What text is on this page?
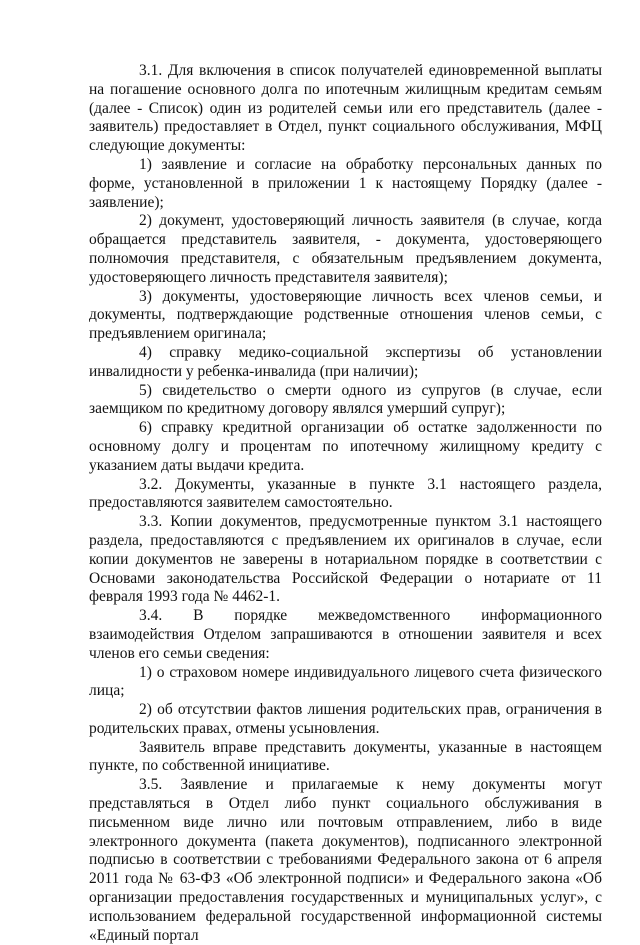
3.1. Для включения в список получателей единовременной выплаты на погашение основного долга по ипотечным жилищным кредитам семьям (далее - Список) один из родителей семьи или его представитель (далее - заявитель) предоставляет в Отдел, пункт социального обслуживания, МФЦ следующие документы:

1) заявление и согласие на обработку персональных данных по форме, установленной в приложении 1 к настоящему Порядку (далее - заявление);

2) документ, удостоверяющий личность заявителя (в случае, когда обращается представитель заявителя, - документа, удостоверяющего полномочия представителя, с обязательным предъявлением документа, удостоверяющего личность представителя заявителя);

3) документы, удостоверяющие личность всех членов семьи, и документы, подтверждающие родственные отношения членов семьи, с предъявлением оригинала;

4) справку медико-социальной экспертизы об установлении инвалидности у ребенка-инвалида (при наличии);

5) свидетельство о смерти одного из супругов (в случае, если заемщиком по кредитному договору являлся умерший супруг);

6) справку кредитной организации об остатке задолженности по основному долгу и процентам по ипотечному жилищному кредиту с указанием даты выдачи кредита.

3.2. Документы, указанные в пункте 3.1 настоящего раздела, предоставляются заявителем самостоятельно.

3.3. Копии документов, предусмотренные пунктом 3.1 настоящего раздела, предоставляются с предъявлением их оригиналов в случае, если копии документов не заверены в нотариальном порядке в соответствии с Основами законодательства Российской Федерации о нотариате от 11 февраля 1993 года № 4462-1.

3.4. В порядке межведомственного информационного взаимодействия Отделом запрашиваются в отношении заявителя и всех членов его семьи сведения:

1) о страховом номере индивидуального лицевого счета физического лица;

2) об отсутствии фактов лишения родительских прав, ограничения в родительских правах, отмены усыновления.

Заявитель вправе представить документы, указанные в настоящем пункте, по собственной инициативе.

3.5. Заявление и прилагаемые к нему документы могут представляться в Отдел либо пункт социального обслуживания в письменном виде лично или почтовым отправлением, либо в виде электронного документа (пакета документов), подписанного электронной подписью в соответствии с требованиями Федерального закона от 6 апреля 2011 года № 63-ФЗ «Об электронной подписи» и Федерального закона «Об организации предоставления государственных и муниципальных услуг», с использованием федеральной государственной информационной системы «Единый портал
